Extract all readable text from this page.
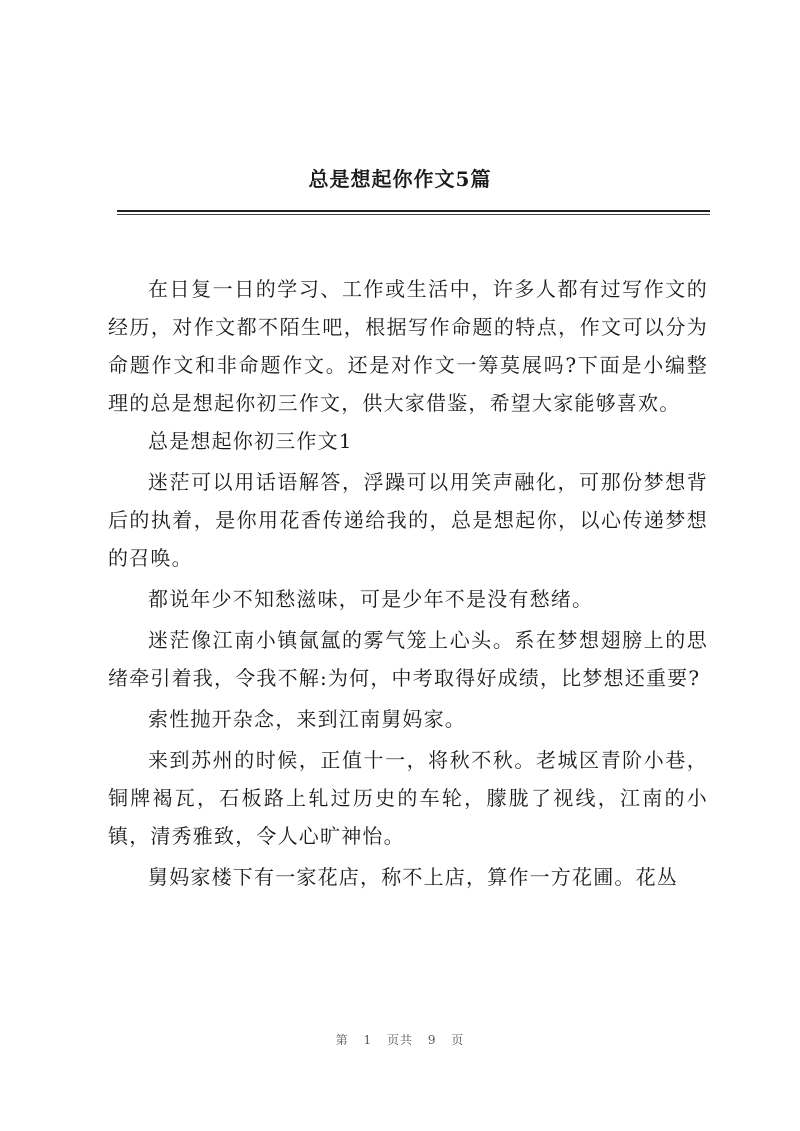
总是想起你作文5篇

在日复一日的学习、工作或生活中，许多人都有过写作文的经历，对作文都不陌生吧，根据写作命题的特点，作文可以分为命题作文和非命题作文。还是对作文一筹莫展吗?下面是小编整理的总是想起你初三作文，供大家借鉴，希望大家能够喜欢。

总是想起你初三作文1

迷茫可以用话语解答，浮躁可以用笑声融化，可那份梦想背后的执着，是你用花香传递给我的，总是想起你，以心传递梦想的召唤。

都说年少不知愁滋味，可是少年不是没有愁绪。

迷茫像江南小镇氤氲的雾气笼上心头。系在梦想翅膀上的思绪牵引着我，令我不解:为何，中考取得好成绩，比梦想还重要?

索性抛开杂念，来到江南舅妈家。

来到苏州的时候，正值十一，将秋不秋。老城区青阶小巷，铜牌褐瓦，石板路上轧过历史的车轮，朦胧了视线，江南的小镇，清秀雅致，令人心旷神怡。

舅妈家楼下有一家花店，称不上店，算作一方花圃。花丛

第 1 页共 9 页
